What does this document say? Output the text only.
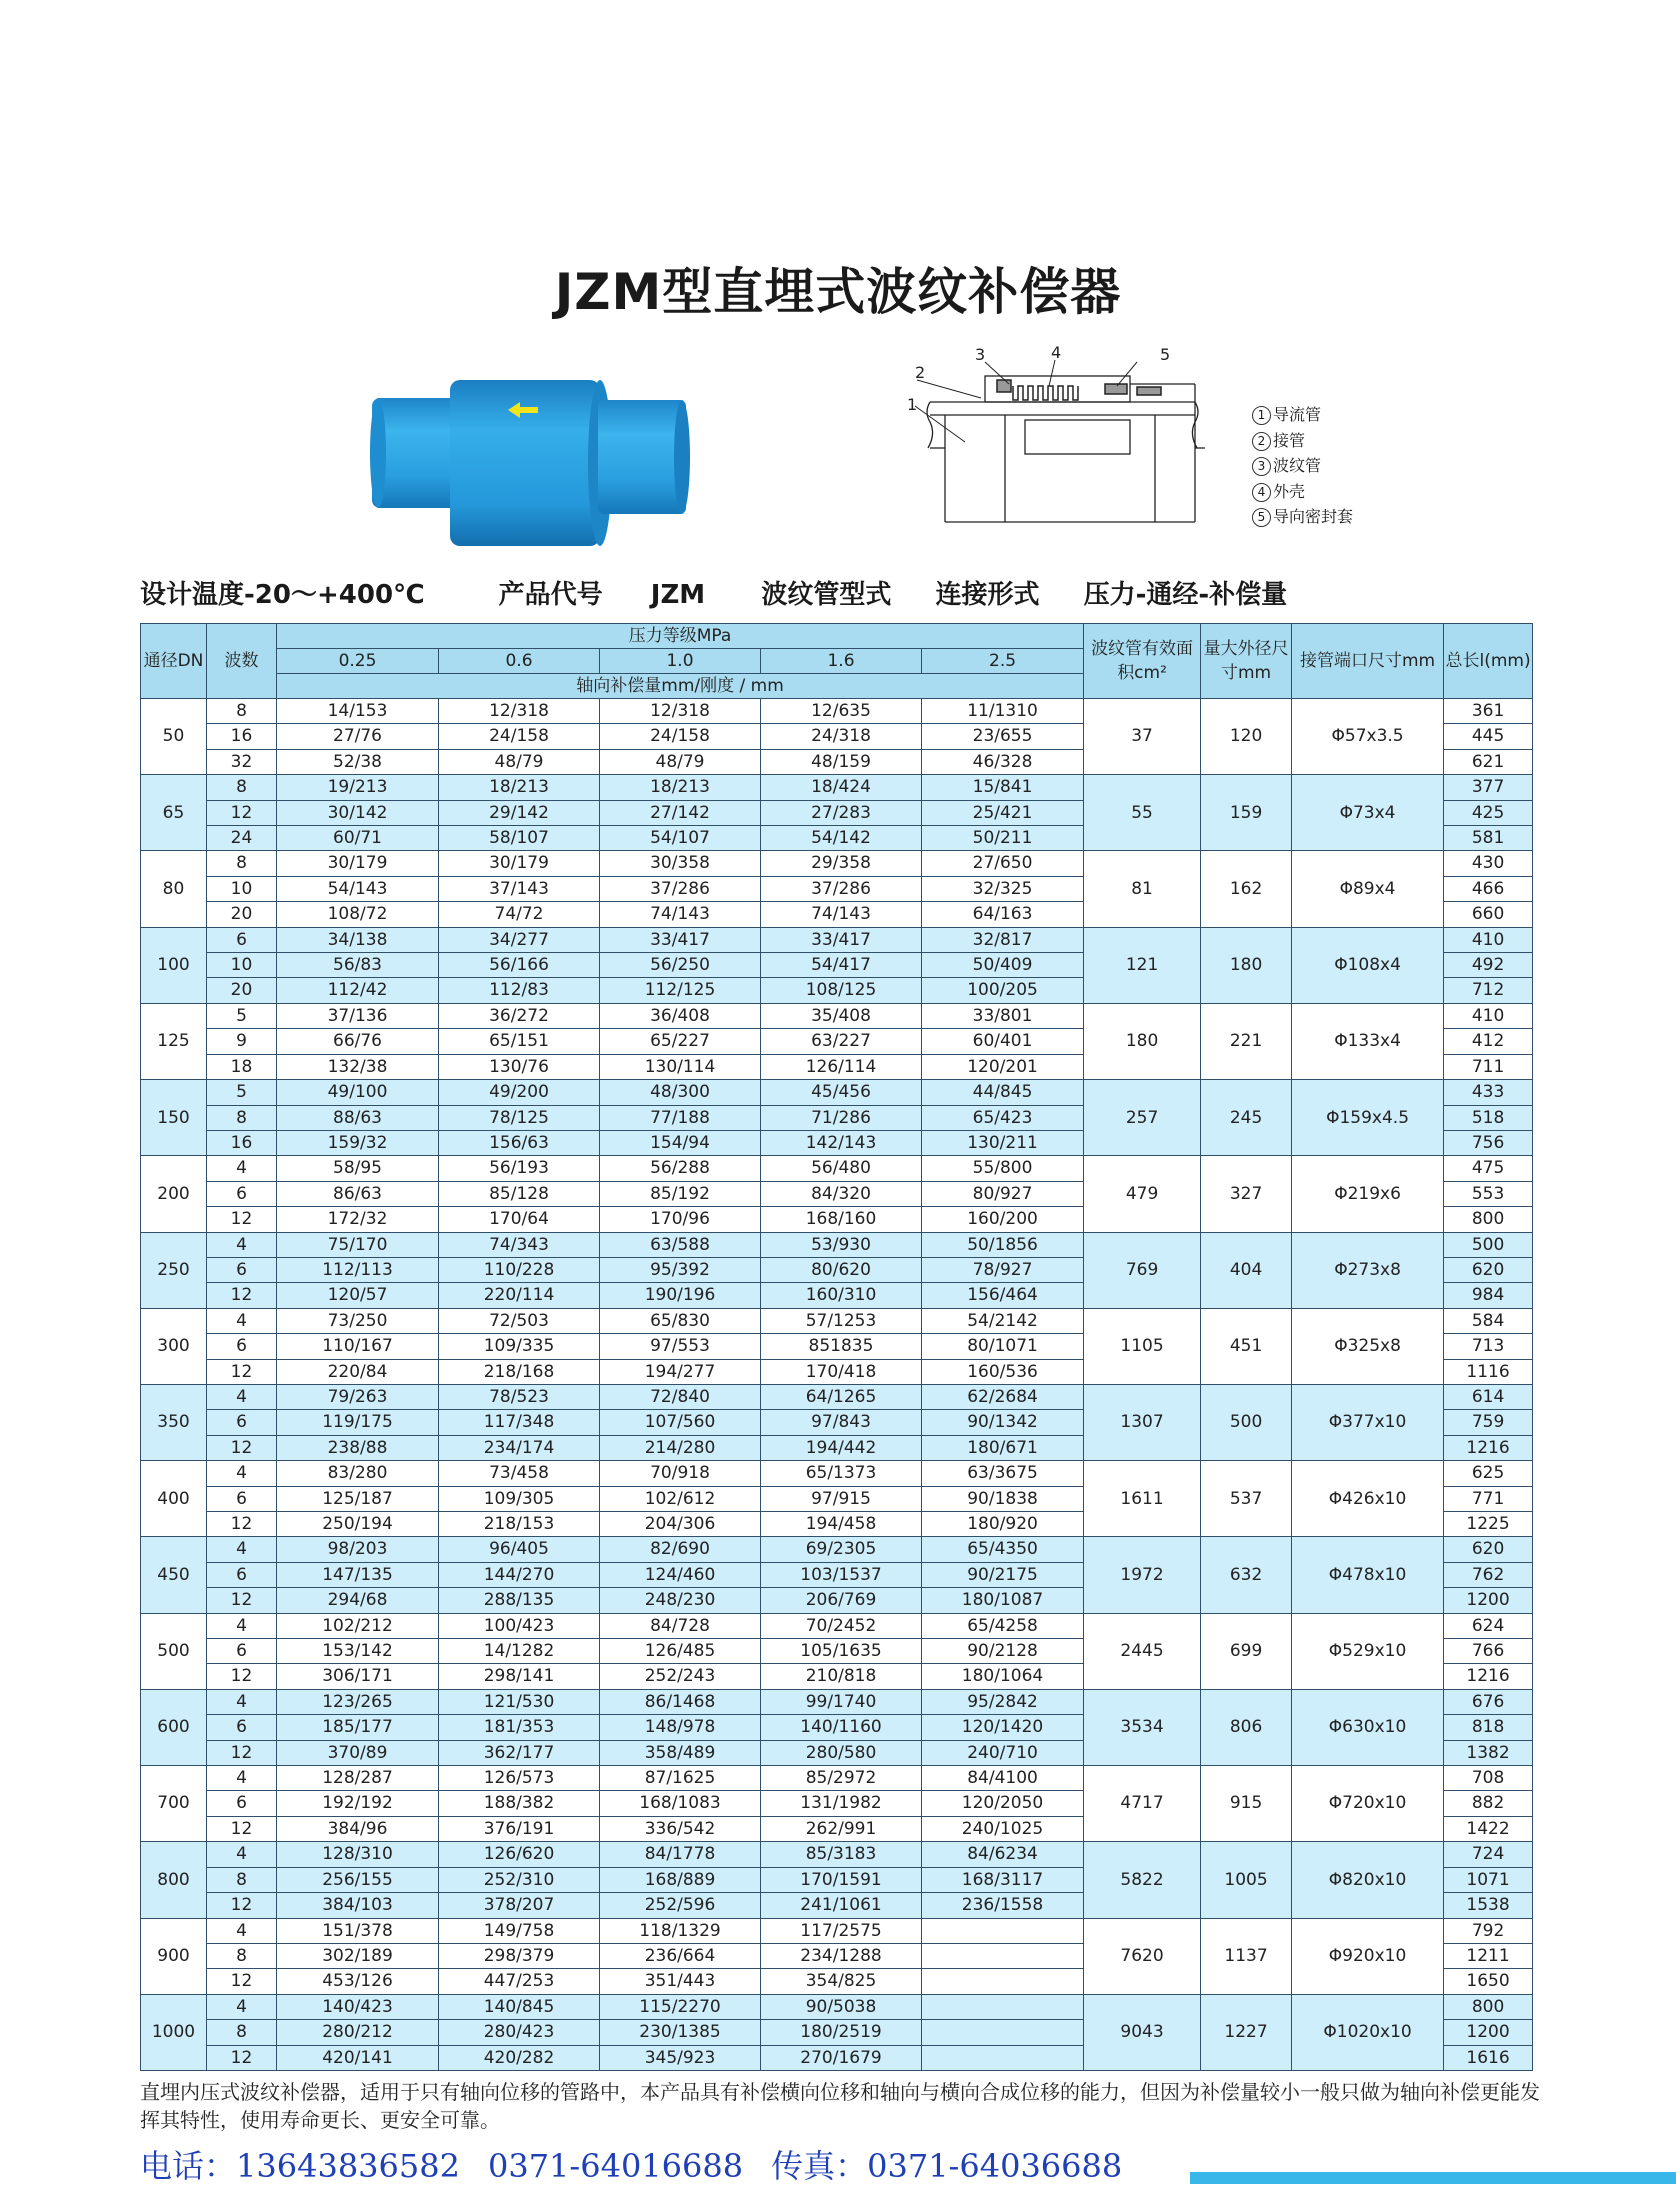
JZM型直埋式波纹补偿器
1
2
3	4	5
1 导流管
2 接管
3 波纹管
4 外壳
5 导向密封套
设计温度-20～+400℃	产品代号 JZM 波纹管型式 连接形式 压力-通经-补偿量
通径DN	波数	压力等级MPa					波纹管有效面积cm²	量大外径尺寸mm	接管端口尺寸mm	总长l(mm)
		0.25	0.6	1.0	1.6	2.5				
		轴向补偿量mm/刚度 / mm								
50	8	14/153	12/318	12/318	12/635	11/1310	37	120	Φ57x3.5	361
	16	27/76	24/158	24/158	24/318	23/655				445
	32	52/38	48/79	48/79	48/159	46/328				621
65	8	19/213	18/213	18/213	18/424	15/841	55	159	Φ73x4	377
	12	30/142	29/142	27/142	27/283	25/421				425
	24	60/71	58/107	54/107	54/142	50/211				581
80	8	30/179	30/179	30/358	29/358	27/650	81	162	Φ89x4	430
	10	54/143	37/143	37/286	37/286	32/325				466
	20	108/72	74/72	74/143	74/143	64/163				660
100	6	34/138	34/277	33/417	33/417	32/817	121	180	Φ108x4	410
	10	56/83	56/166	56/250	54/417	50/409				492
	20	112/42	112/83	112/125	108/125	100/205				712
125	5	37/136	36/272	36/408	35/408	33/801	180	221	Φ133x4	410
	9	66/76	65/151	65/227	63/227	60/401				412
	18	132/38	130/76	130/114	126/114	120/201				711
150	5	49/100	49/200	48/300	45/456	44/845	257	245	Φ159x4.5	433
	8	88/63	78/125	77/188	71/286	65/423				518
	16	159/32	156/63	154/94	142/143	130/211				756
200	4	58/95	56/193	56/288	56/480	55/800	479	327	Φ219x6	475
	6	86/63	85/128	85/192	84/320	80/927				553
	12	172/32	170/64	170/96	168/160	160/200				800
250	4	75/170	74/343	63/588	53/930	50/1856	769	404	Φ273x8	500
	6	112/113	110/228	95/392	80/620	78/927				620
	12	120/57	220/114	190/196	160/310	156/464				984
300	4	73/250	72/503	65/830	57/1253	54/2142	1105	451	Φ325x8	584
	6	110/167	109/335	97/553	851835	80/1071				713
	12	220/84	218/168	194/277	170/418	160/536				1116
350	4	79/263	78/523	72/840	64/1265	62/2684	1307	500	Φ377x10	614
	6	119/175	117/348	107/560	97/843	90/1342				759
	12	238/88	234/174	214/280	194/442	180/671				1216
400	4	83/280	73/458	70/918	65/1373	63/3675	1611	537	Φ426x10	625
	6	125/187	109/305	102/612	97/915	90/1838				771
	12	250/194	218/153	204/306	194/458	180/920				1225
450	4	98/203	96/405	82/690	69/2305	65/4350	1972	632	Φ478x10	620
	6	147/135	144/270	124/460	103/1537	90/2175				762
	12	294/68	288/135	248/230	206/769	180/1087				1200
500	4	102/212	100/423	84/728	70/2452	65/4258	2445	699	Φ529x10	624
	6	153/142	14/1282	126/485	105/1635	90/2128				766
	12	306/171	298/141	252/243	210/818	180/1064				1216
600	4	123/265	121/530	86/1468	99/1740	95/2842	3534	806	Φ630x10	676
	6	185/177	181/353	148/978	140/1160	120/1420				818
	12	370/89	362/177	358/489	280/580	240/710				1382
700	4	128/287	126/573	87/1625	85/2972	84/4100	4717	915	Φ720x10	708
	6	192/192	188/382	168/1083	131/1982	120/2050				882
	12	384/96	376/191	336/542	262/991	240/1025				1422
800	4	128/310	126/620	84/1778	85/3183	84/6234	5822	1005	Φ820x10	724
	8	256/155	252/310	168/889	170/1591	168/3117				1071
	12	384/103	378/207	252/596	241/1061	236/1558				1538
900	4	151/378	149/758	118/1329	117/2575		7620	1137	Φ920x10	792
	8	302/189	298/379	236/664	234/1288					1211
	12	453/126	447/253	351/443	354/825					1650
1000	4	140/423	140/845	115/2270	90/5038		9043	1227	Φ1020x10	800
	8	280/212	280/423	230/1385	180/2519					1200
	12	420/141	420/282	345/923	270/1679					1616
直埋内压式波纹补偿器，适用于只有轴向位移的管路中，本产品具有补偿横向位移和轴向与横向合成位移的能力，但因为补偿量较小一般只做为轴向补偿更能发挥其特性，使用寿命更长、更安全可靠。
电话：13643836582 0371-64016688 传真：0371-64036688
